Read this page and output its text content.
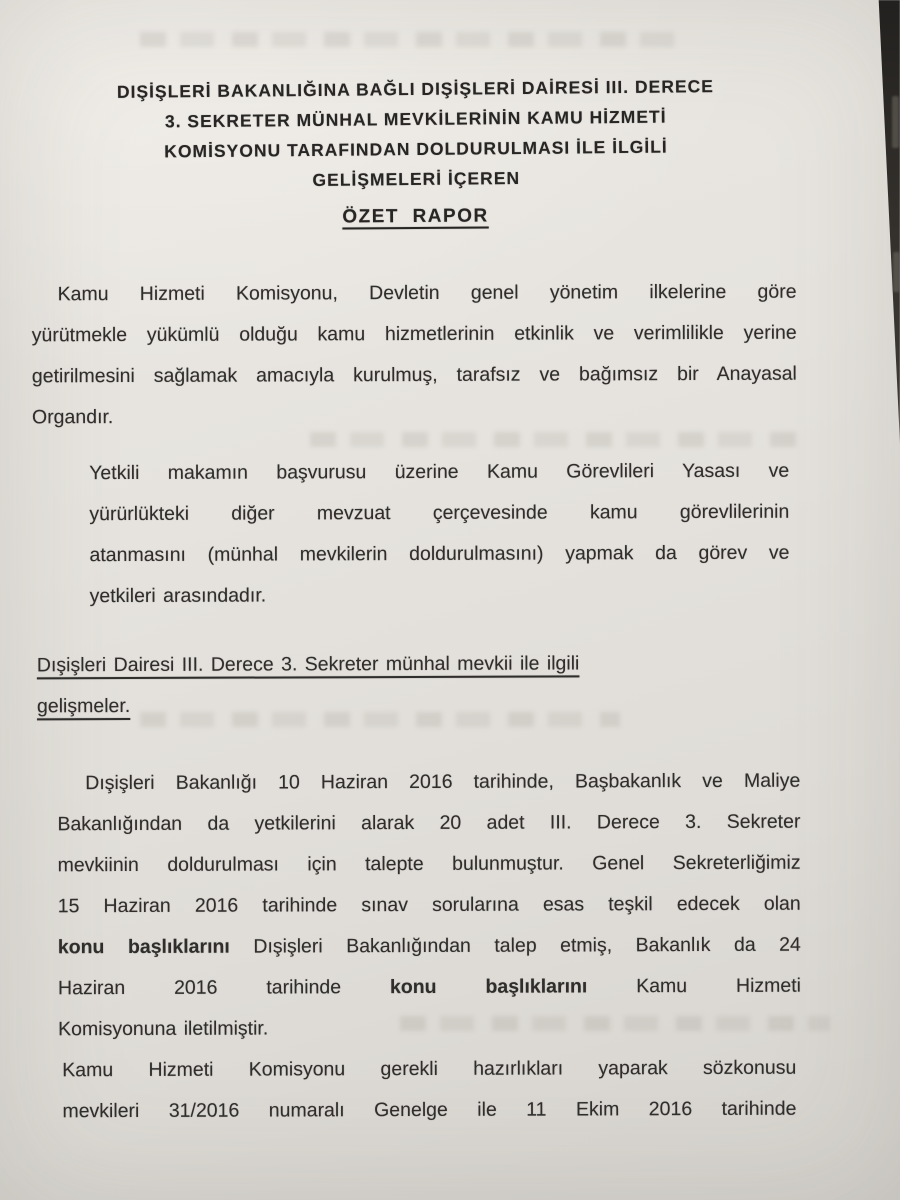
DIŞİŞLERİ BAKANLIĞINA BAĞLI DIŞİŞLERİ DAİRESİ III. DERECE
3. SEKRETER MÜNHAL MEVKİLERİNİN KAMU HİZMETİ
KOMİSYONU TARAFINDAN DOLDURULMASI İLE İLGİLİ
GELİŞMELERİ İÇEREN
ÖZET  RAPOR
Kamu Hizmeti Komisyonu, Devletin genel yönetim ilkelerine göre
yürütmekle yükümlü olduğu kamu hizmetlerinin etkinlik ve verimlilikle yerine
getirilmesini sağlamak amacıyla kurulmuş, tarafsız ve bağımsız bir Anayasal
Organdır.
Yetkili makamın başvurusu üzerine Kamu Görevlileri Yasası ve
yürürlükteki diğer mevzuat çerçevesinde kamu görevlilerinin
atanmasını (münhal mevkilerin doldurulmasını) yapmak da görev ve
yetkileri arasındadır.
Dışişleri Dairesi III. Derece 3. Sekreter münhal mevkii ile ilgili
gelişmeler.
Dışişleri Bakanlığı 10 Haziran 2016 tarihinde, Başbakanlık ve Maliye
Bakanlığından da yetkilerini alarak 20 adet III. Derece 3. Sekreter
mevkiinin doldurulması için talepte bulunmuştur. Genel Sekreterliğimiz
15 Haziran 2016 tarihinde sınav sorularına esas teşkil edecek olan
konu başlıklarını Dışişleri Bakanlığından talep etmiş, Bakanlık da 24
Haziran 2016 tarihinde	konu başlıklarını	Kamu Hizmeti
Komisyonuna iletilmiştir.
Kamu Hizmeti Komisyonu gerekli hazırlıkları yaparak sözkonusu
mevkileri 31/2016 numaralı Genelge ile 11 Ekim 2016 tarihinde
